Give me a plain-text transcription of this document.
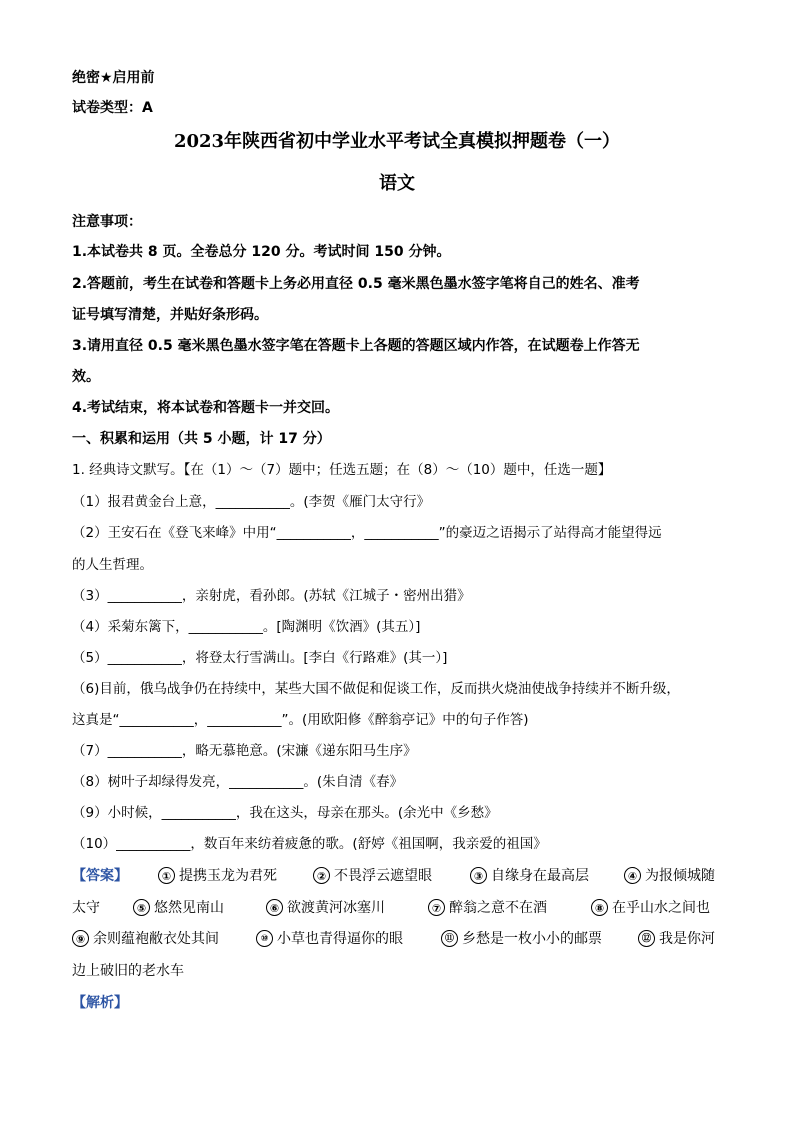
绝密★启用前
试卷类型：A
2023年陕西省初中学业水平考试全真模拟押题卷（一）
语文
注意事项：
1.本试卷共 8 页。全卷总分 120 分。考试时间 150 分钟。
2.答题前，考生在试卷和答题卡上务必用直径 0.5 毫米黑色墨水签字笔将自己的姓名、准考
证号填写清楚，并贴好条形码。
3.请用直径 0.5 毫米黑色墨水签字笔在答题卡上各题的答题区域内作答，在试题卷上作答无
效。
4.考试结束，将本试卷和答题卡一并交回。
一、积累和运用（共 5 小题，计 17 分）
1. 经典诗文默写。【在（1）～（7）题中；任选五题；在（8）～（10）题中，任选一题】
（1）报君黄金台上意，___________。(李贺《雁门太守行》
（2）王安石在《登飞来峰》中用“___________，___________”的豪迈之语揭示了站得高才能望得远
的人生哲理。
（3）___________，亲射虎，看孙郎。(苏轼《江城子・密州出猎》
（4）采菊东篱下，___________。[陶渊明《饮酒》(其五）]
（5）___________，将登太行雪满山。[李白《行路难》(其一）]
（6)目前，俄乌战争仍在持续中，某些大国不做促和促谈工作，反而拱火烧油使战争持续并不断升级，
这真是“___________，___________”。(用欧阳修《醉翁亭记》中的句子作答)
（7）___________，略无慕艳意。(宋濂《递东阳马生序》
（8）树叶子却绿得发亮，___________。(朱自清《春》
（9）小时候，___________，我在这头，母亲在那头。(余光中《乡愁》
（10）___________，数百年来纺着疲惫的歌。(舒婷《祖国啊，我亲爱的祖国》
【答案】	① 提携玉龙为君死	② 不畏浮云遮望眼	③ 自缘身在最高层	④ 为报倾城随
太守	⑤ 悠然见南山	⑥ 欲渡黄河冰塞川	⑦ 醉翁之意不在酒	⑧ 在乎山水之间也
⑨ 余则蕴袍敝衣处其间	⑩ 小草也青得逼你的眼	⑪ 乡愁是一枚小小的邮票	⑫ 我是你河
边上破旧的老水车
【解析】
